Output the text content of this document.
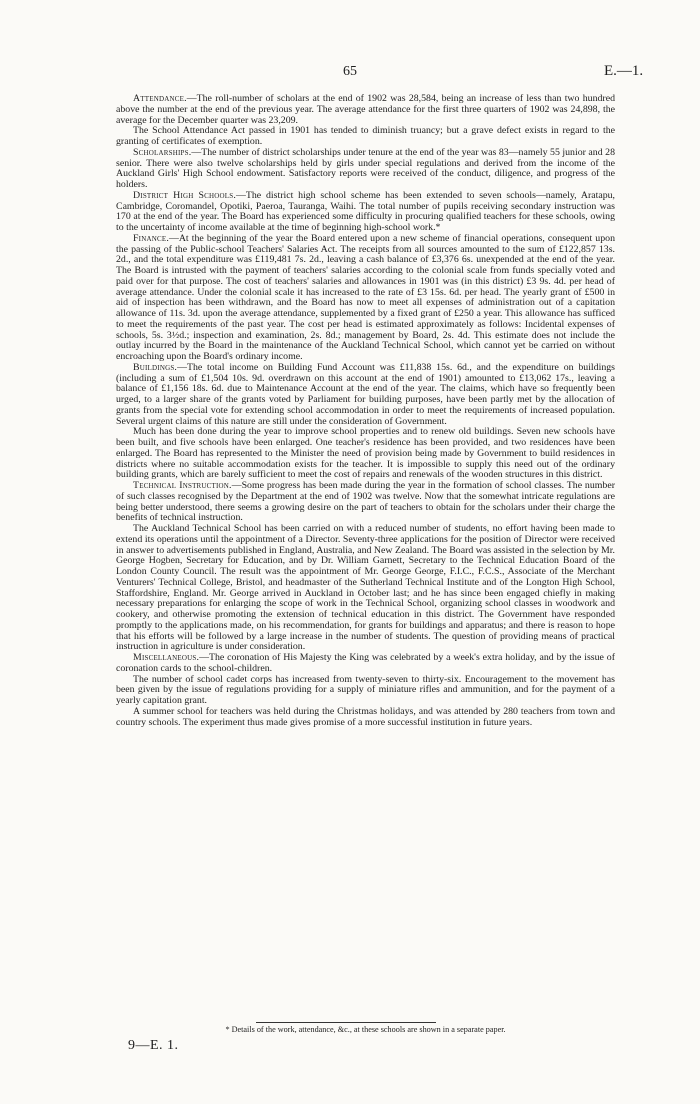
65	E.—1.

Attendance.—The roll-number of scholars at the end of 1902 was 28,584, being an increase of less than two hundred above the number at the end of the previous year. The average attendance for the first three quarters of 1902 was 24,898, the average for the December quarter was 23,209.

The School Attendance Act passed in 1901 has tended to diminish truancy; but a grave defect exists in regard to the granting of certificates of exemption.

Scholarships.—The number of district scholarships under tenure at the end of the year was 83—namely 55 junior and 28 senior. There were also twelve scholarships held by girls under special regulations and derived from the income of the Auckland Girls' High School endowment. Satisfactory reports were received of the conduct, diligence, and progress of the holders.

District High Schools.—The district high school scheme has been extended to seven schools—namely, Aratapu, Cambridge, Coromandel, Opotiki, Paeroa, Tauranga, Waihi. The total number of pupils receiving secondary instruction was 170 at the end of the year. The Board has experienced some difficulty in procuring qualified teachers for these schools, owing to the uncertainty of income available at the time of beginning high-school work.*

Finance.—At the beginning of the year the Board entered upon a new scheme of financial operations, consequent upon the passing of the Public-school Teachers' Salaries Act. The receipts from all sources amounted to the sum of £122,857 13s. 2d., and the total expenditure was £119,481 7s. 2d., leaving a cash balance of £3,376 6s. unexpended at the end of the year. The Board is intrusted with the payment of teachers' salaries according to the colonial scale from funds specially voted and paid over for that purpose. The cost of teachers' salaries and allowances in 1901 was (in this district) £3 9s. 4d. per head of average attendance. Under the colonial scale it has increased to the rate of £3 15s. 6d. per head. The yearly grant of £500 in aid of inspection has been withdrawn, and the Board has now to meet all expenses of administration out of a capitation allowance of 11s. 3d. upon the average attendance, supplemented by a fixed grant of £250 a year. This allowance has sufficed to meet the requirements of the past year. The cost per head is estimated approximately as follows: Incidental expenses of schools, 5s. 3½d.; inspection and examination, 2s. 8d.; management by Board, 2s. 4d. This estimate does not include the outlay incurred by the Board in the maintenance of the Auckland Technical School, which cannot yet be carried on without encroaching upon the Board's ordinary income.

Buildings.—The total income on Building Fund Account was £11,838 15s. 6d., and the expenditure on buildings (including a sum of £1,504 10s. 9d. overdrawn on this account at the end of 1901) amounted to £13,062 17s., leaving a balance of £1,156 18s. 6d. due to Maintenance Account at the end of the year. The claims, which have so frequently been urged, to a larger share of the grants voted by Parliament for building purposes, have been partly met by the allocation of grants from the special vote for extending school accommodation in order to meet the requirements of increased population. Several urgent claims of this nature are still under the consideration of Government.

Much has been done during the year to improve school properties and to renew old buildings. Seven new schools have been built, and five schools have been enlarged. One teacher's residence has been provided, and two residences have been enlarged. The Board has represented to the Minister the need of provision being made by Government to build residences in districts where no suitable accommodation exists for the teacher. It is impossible to supply this need out of the ordinary building grants, which are barely sufficient to meet the cost of repairs and renewals of the wooden structures in this district.

Technical Instruction.—Some progress has been made during the year in the formation of school classes. The number of such classes recognised by the Department at the end of 1902 was twelve. Now that the somewhat intricate regulations are being better understood, there seems a growing desire on the part of teachers to obtain for the scholars under their charge the benefits of technical instruction.

The Auckland Technical School has been carried on with a reduced number of students, no effort having been made to extend its operations until the appointment of a Director. Seventy-three applications for the position of Director were received in answer to advertisements published in England, Australia, and New Zealand. The Board was assisted in the selection by Mr. George Hogben, Secretary for Education, and by Dr. William Garnett, Secretary to the Technical Education Board of the London County Council. The result was the appointment of Mr. George George, F.I.C., F.C.S., Associate of the Merchant Venturers' Technical College, Bristol, and headmaster of the Sutherland Technical Institute and of the Longton High School, Staffordshire, England. Mr. George arrived in Auckland in October last; and he has since been engaged chiefly in making necessary preparations for enlarging the scope of work in the Technical School, organizing school classes in woodwork and cookery, and otherwise promoting the extension of technical education in this district. The Government have responded promptly to the applications made, on his recommendation, for grants for buildings and apparatus; and there is reason to hope that his efforts will be followed by a large increase in the number of students. The question of providing means of practical instruction in agriculture is under consideration.

Miscellaneous.—The coronation of His Majesty the King was celebrated by a week's extra holiday, and by the issue of coronation cards to the school-children.

The number of school cadet corps has increased from twenty-seven to thirty-six. Encouragement to the movement has been given by the issue of regulations providing for a supply of miniature rifles and ammunition, and for the payment of a yearly capitation grant.

A summer school for teachers was held during the Christmas holidays, and was attended by 280 teachers from town and country schools. The experiment thus made gives promise of a more successful institution in future years.

* Details of the work, attendance, &c., at these schools are shown in a separate paper.
9—E. 1.
